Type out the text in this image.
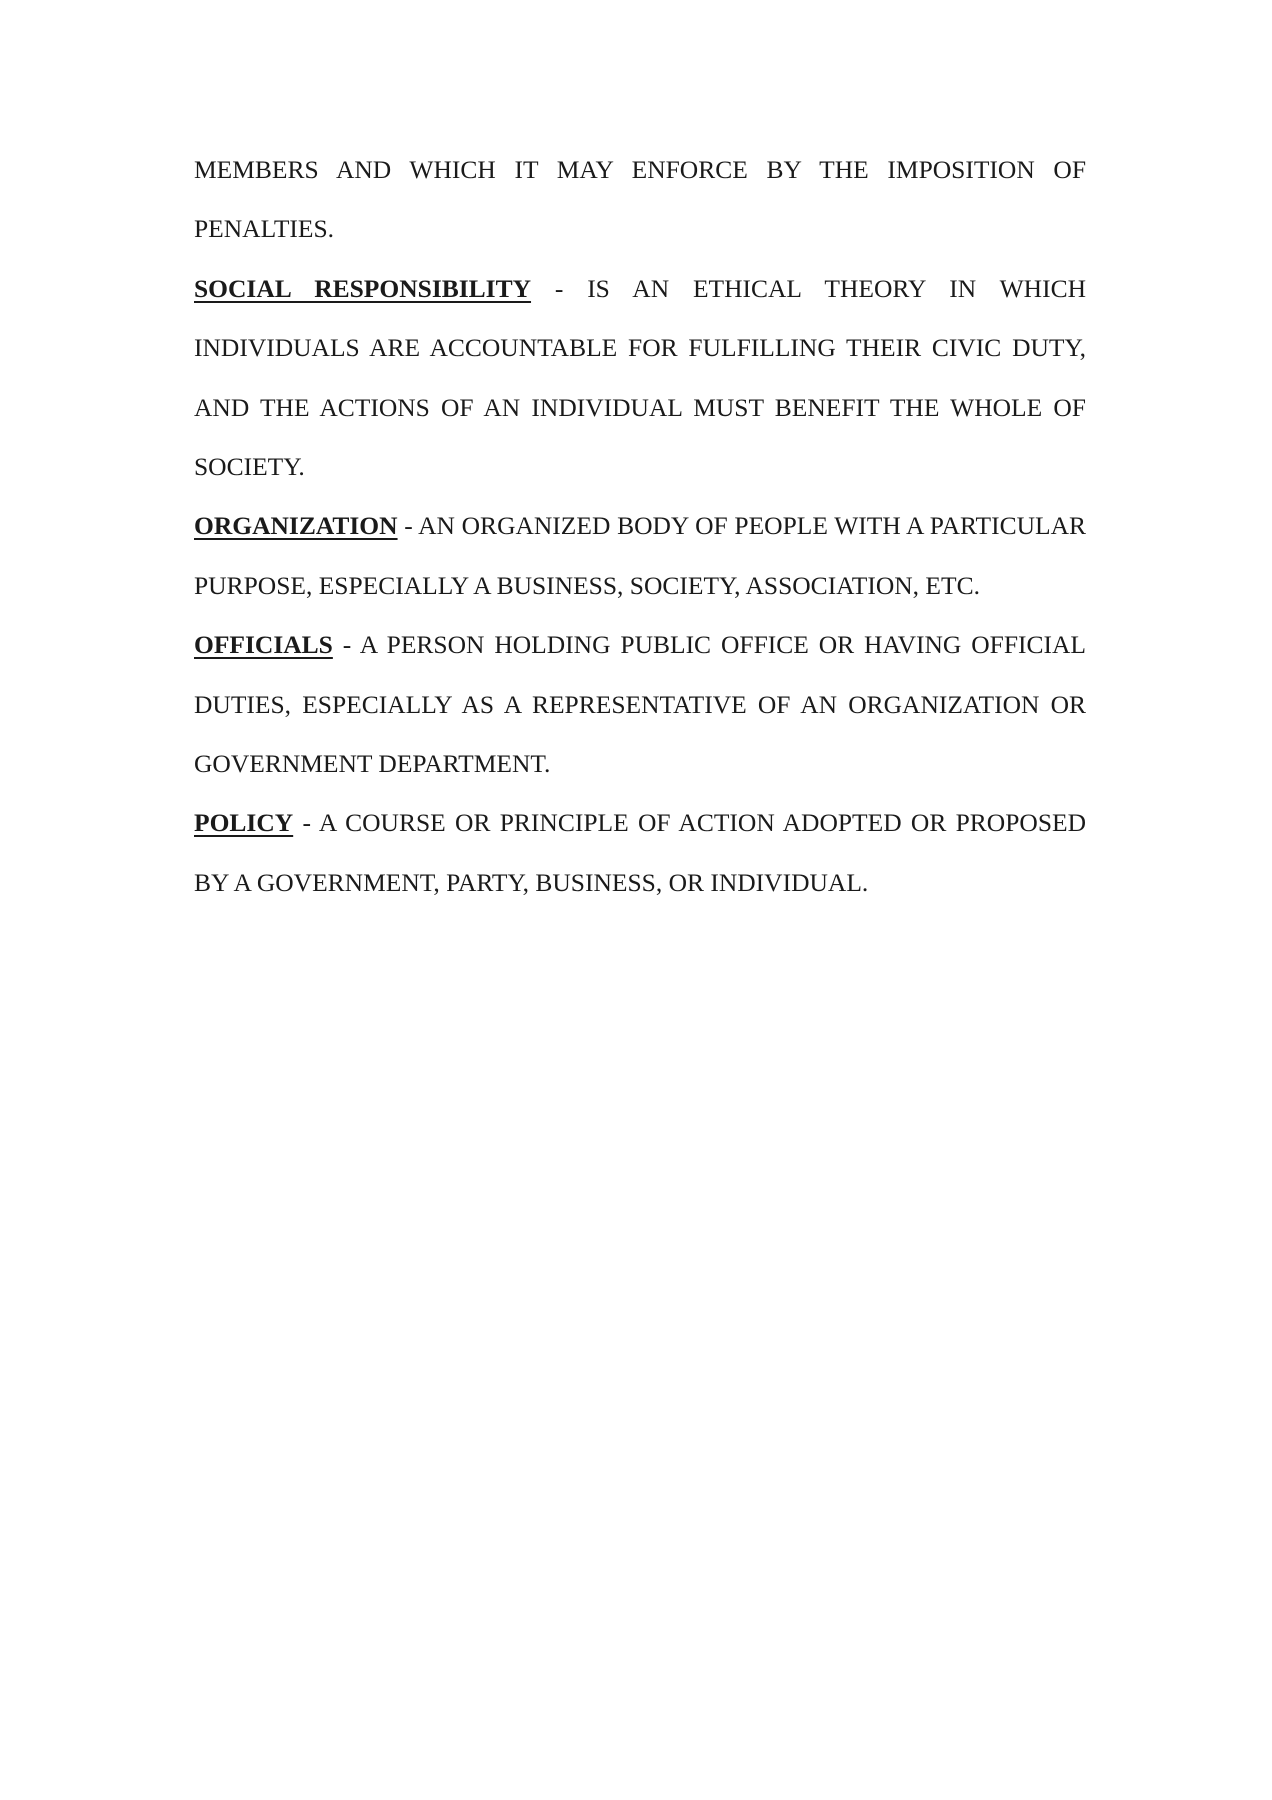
MEMBERS AND WHICH IT MAY ENFORCE BY THE IMPOSITION OF PENALTIES.

SOCIAL RESPONSIBILITY - IS AN ETHICAL THEORY IN WHICH INDIVIDUALS ARE ACCOUNTABLE FOR FULFILLING THEIR CIVIC DUTY, AND THE ACTIONS OF AN INDIVIDUAL MUST BENEFIT THE WHOLE OF SOCIETY.

ORGANIZATION - AN ORGANIZED BODY OF PEOPLE WITH A PARTICULAR PURPOSE, ESPECIALLY A BUSINESS, SOCIETY, ASSOCIATION, ETC.

OFFICIALS - A PERSON HOLDING PUBLIC OFFICE OR HAVING OFFICIAL DUTIES, ESPECIALLY AS A REPRESENTATIVE OF AN ORGANIZATION OR GOVERNMENT DEPARTMENT.

POLICY - A COURSE OR PRINCIPLE OF ACTION ADOPTED OR PROPOSED BY A GOVERNMENT, PARTY, BUSINESS, OR INDIVIDUAL.
